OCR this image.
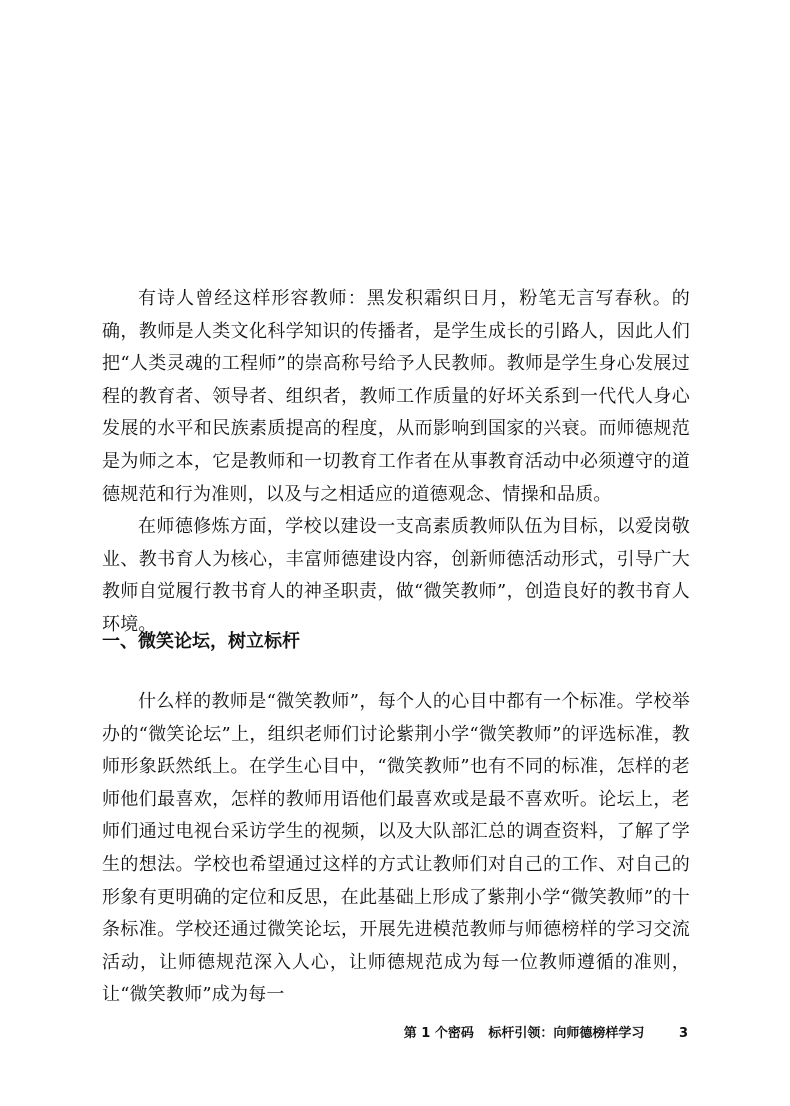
有诗人曾经这样形容教师：黑发积霜织日月，粉笔无言写春秋。的确，教师是人类文化科学知识的传播者，是学生成长的引路人，因此人们把“人类灵魂的工程师”的崇高称号给予人民教师。教师是学生身心发展过程的教育者、领导者、组织者，教师工作质量的好坏关系到一代代人身心发展的水平和民族素质提高的程度，从而影响到国家的兴衰。而师德规范是为师之本，它是教师和一切教育工作者在从事教育活动中必须遵守的道德规范和行为准则，以及与之相适应的道德观念、情操和品质。

在师德修炼方面，学校以建设一支高素质教师队伍为目标，以爱岗敬业、教书育人为核心，丰富师德建设内容，创新师德活动形式，引导广大教师自觉履行教书育人的神圣职责，做“微笑教师”，创造良好的教书育人环境。

一、微笑论坛，树立标杆

什么样的教师是“微笑教师”，每个人的心目中都有一个标准。学校举办的“微笑论坛”上，组织老师们讨论紫荆小学“微笑教师”的评选标准，教师形象跃然纸上。在学生心目中，“微笑教师”也有不同的标准，怎样的老师他们最喜欢，怎样的教师用语他们最喜欢或是最不喜欢听。论坛上，老师们通过电视台采访学生的视频，以及大队部汇总的调查资料，了解了学生的想法。学校也希望通过这样的方式让教师们对自己的工作、对自己的形象有更明确的定位和反思，在此基础上形成了紫荆小学“微笑教师”的十条标准。学校还通过微笑论坛，开展先进模范教师与师德榜样的学习交流活动，让师德规范深入人心，让师德规范成为每一位教师遵循的准则，让“微笑教师”成为每一

第 1 个密码 标杆引领：向师德榜样学习	3
